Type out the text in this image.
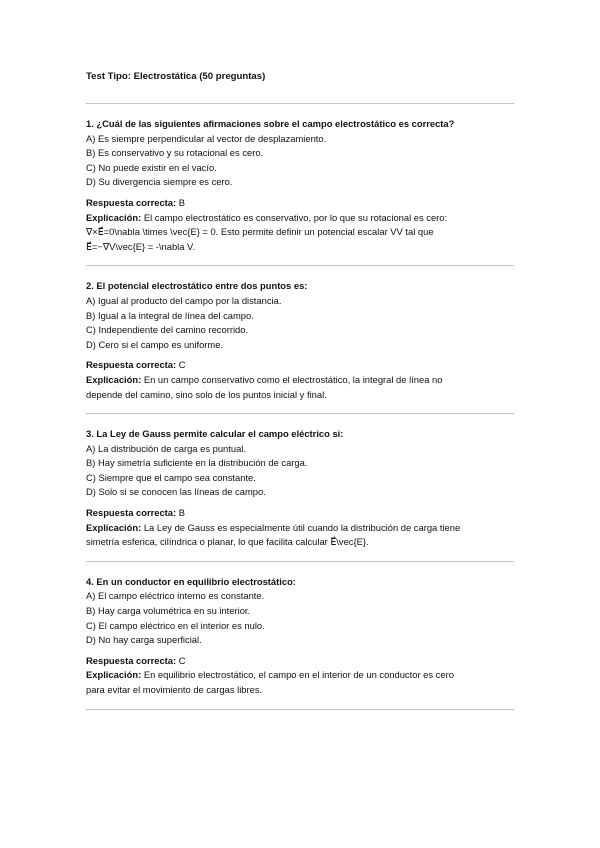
Test Tipo: Electrostática (50 preguntas)

1. ¿Cuál de las siguientes afirmaciones sobre el campo electrostático es correcta?
A) Es siempre perpendicular al vector de desplazamiento.
B) Es conservativo y su rotacional es cero.
C) No puede existir en el vacío.
D) Su divergencia siempre es cero.
Respuesta correcta: B
Explicación: El campo electrostático es conservativo, por lo que su rotacional es cero:
∇×E⃗=0\nabla \times \vec{E} = 0. Esto permite definir un potencial escalar VV tal que
E⃗=−∇V\vec{E} = -\nabla V.
2. El potencial electrostático entre dos puntos es:
A) Igual al producto del campo por la distancia.
B) Igual a la integral de línea del campo.
C) Independiente del camino recorrido.
D) Cero si el campo es uniforme.
Respuesta correcta: C
Explicación: En un campo conservativo como el electrostático, la integral de línea no
depende del camino, sino solo de los puntos inicial y final.
3. La Ley de Gauss permite calcular el campo eléctrico si:
A) La distribución de carga es puntual.
B) Hay simetría suficiente en la distribución de carga.
C) Siempre que el campo sea constante.
D) Solo si se conocen las líneas de campo.
Respuesta correcta: B
Explicación: La Ley de Gauss es especialmente útil cuando la distribución de carga tiene
simetría esferica, cilíndrica o planar, lo que facilita calcular E⃗\vec{E}.
4. En un conductor en equilibrio electrostático:
A) El campo eléctrico interno es constante.
B) Hay carga volumétrica en su interior.
C) El campo eléctrico en el interior es nulo.
D) No hay carga superficial.
Respuesta correcta: C
Explicación: En equilibrio electrostático, el campo en el interior de un conductor es cero
para evitar el movimiento de cargas libres.
